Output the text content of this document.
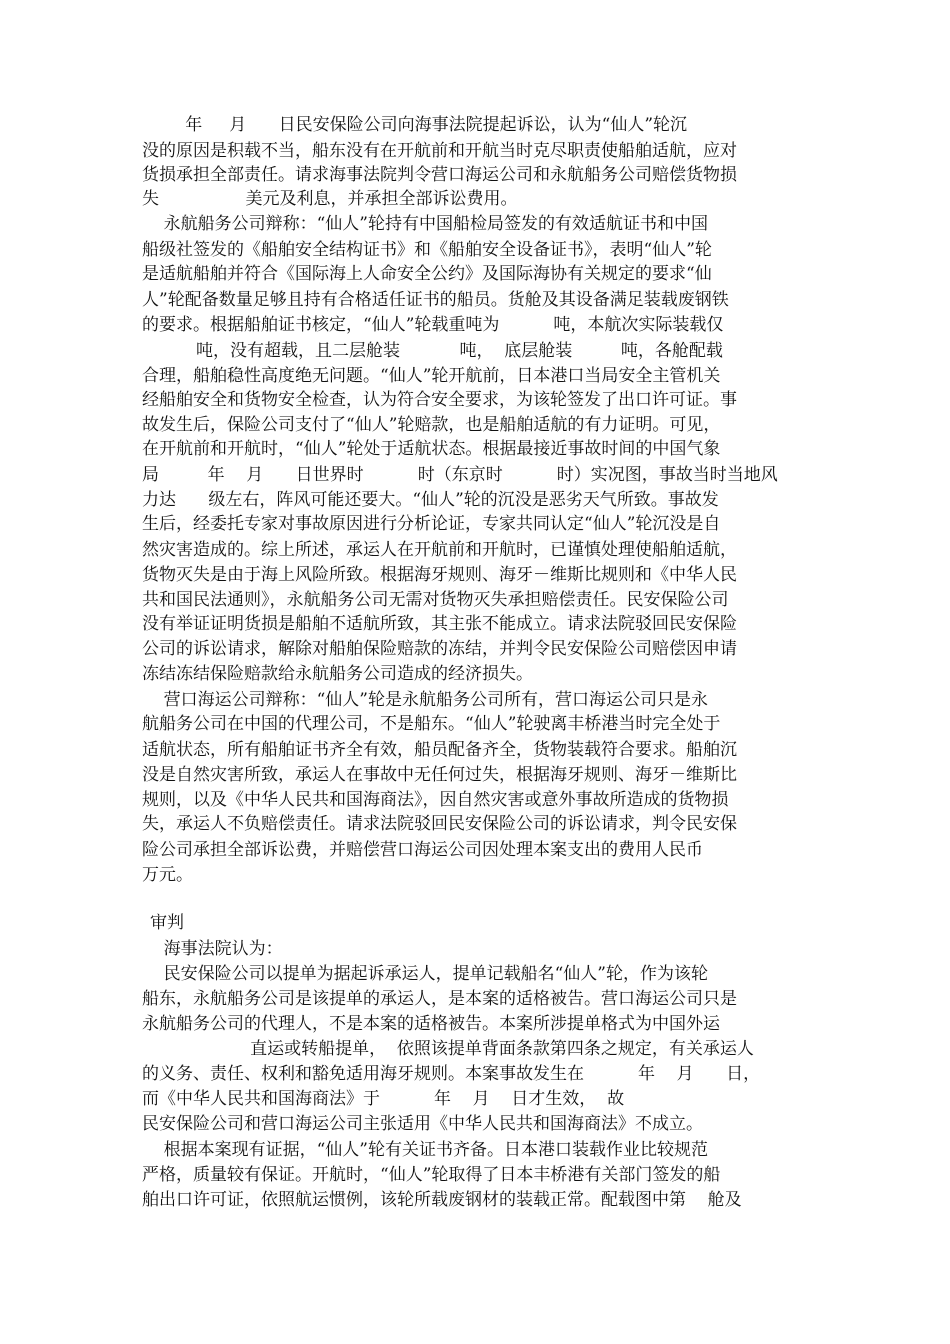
年     月      日民安保险公司向海事法院提起诉讼，认为“仙人”轮沉
没的原因是积载不当，船东没有在开航前和开航当时克尽职责使船舶适航，应对
货损承担全部责任。请求海事法院判令营口海运公司和永航船务公司赔偿货物损
失                美元及利息，并承担全部诉讼费用。
永航船务公司辩称：“仙人”轮持有中国船检局签发的有效适航证书和中国
船级社签发的《船舶安全结构证书》和《船舶安全设备证书》，表明“仙人”轮
是适航船舶并符合《国际海上人命安全公约》及国际海协有关规定的要求“仙
人”轮配备数量足够且持有合格适任证书的船员。货舱及其设备满足装载废钢铁
的要求。根据船舶证书核定，“仙人”轮载重吨为          吨，本航次实际装载仅
吨，没有超载，且二层舱装           吨，  底层舱装         吨，各舱配载
合理，船舶稳性高度绝无问题。“仙人”轮开航前，日本港口当局安全主管机关
经船舶安全和货物安全检查，认为符合安全要求，为该轮签发了出口许可证。事
故发生后，保险公司支付了“仙人”轮赔款，也是船舶适航的有力证明。可见，
在开航前和开航时，“仙人”轮处于适航状态。根据最接近事故时间的中国气象
局         年    月      日世界时          时（东京时          时）实况图，事故当时当地风
力达      级左右，阵风可能还要大。“仙人”轮的沉没是恶劣天气所致。事故发
生后，经委托专家对事故原因进行分析论证，专家共同认定“仙人”轮沉没是自
然灾害造成的。综上所述，承运人在开航前和开航时，已谨慎处理使船舶适航，
货物灭失是由于海上风险所致。根据海牙规则、海牙－维斯比规则和《中华人民
共和国民法通则》，永航船务公司无需对货物灭失承担赔偿责任。民安保险公司
没有举证证明货损是船舶不适航所致，其主张不能成立。请求法院驳回民安保险
公司的诉讼请求，解除对船舶保险赔款的冻结，并判令民安保险公司赔偿因申请
冻结冻结保险赔款给永航船务公司造成的经济损失。
营口海运公司辩称：“仙人”轮是永航船务公司所有，营口海运公司只是永
航船务公司在中国的代理公司，不是船东。“仙人”轮驶离丰桥港当时完全处于
适航状态，所有船舶证书齐全有效，船员配备齐全，货物装载符合要求。船舶沉
没是自然灾害所致，承运人在事故中无任何过失，根据海牙规则、海牙－维斯比
规则，以及《中华人民共和国海商法》，因自然灾害或意外事故所造成的货物损
失，承运人不负赔偿责任。请求法院驳回民安保险公司的诉讼请求，判令民安保
险公司承担全部诉讼费，并赔偿营口海运公司因处理本案支出的费用人民币
万元。
审判
海事法院认为：
民安保险公司以提单为据起诉承运人，提单记载船名“仙人”轮，作为该轮
船东，永航船务公司是该提单的承运人，是本案的适格被告。营口海运公司只是
永航船务公司的代理人，不是本案的适格被告。本案所涉提单格式为中国外运
直运或转船提单，  依照该提单背面条款第四条之规定，有关承运人
的义务、责任、权利和豁免适用海牙规则。本案事故发生在          年    月      日，
而《中华人民共和国海商法》于          年    月    日才生效，  故
民安保险公司和营口海运公司主张适用《中华人民共和国海商法》不成立。
根据本案现有证据，“仙人”轮有关证书齐备。日本港口装载作业比较规范
严格，质量较有保证。开航时，“仙人”轮取得了日本丰桥港有关部门签发的船
舶出口许可证，依照航运惯例，该轮所载废钢材的装载正常。配载图中第    舱及
